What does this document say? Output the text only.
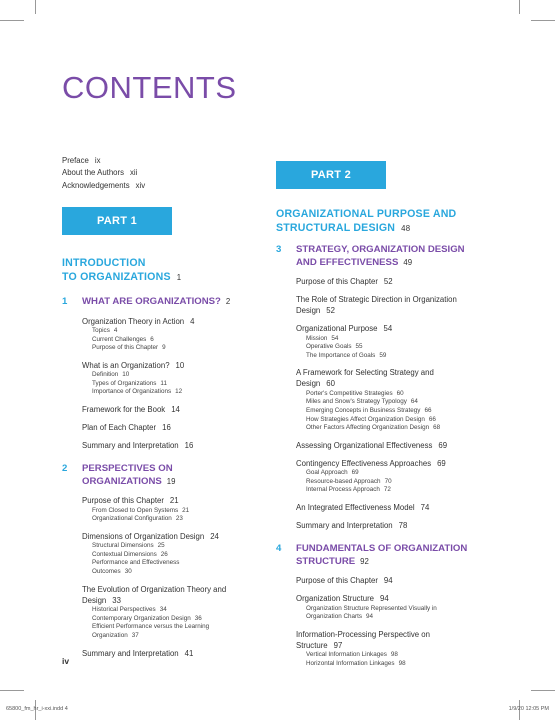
CONTENTS
Preface ix
About the Authors xii
Acknowledgements xiv
PART 1
PART 2
INTRODUCTION
TO ORGANIZATIONS 1
1 WHAT ARE ORGANIZATIONS? 2
Organization Theory in Action 4
Topics 4
Current Challenges 6
Purpose of this Chapter 9
What is an Organization? 10
Definition 10
Types of Organizations 11
Importance of Organizations 12
Framework for the Book 14
Plan of Each Chapter 16
Summary and Interpretation 16
2 PERSPECTIVES ON
ORGANIZATIONS 19
Purpose of this Chapter 21
From Closed to Open Systems 21
Organizational Configuration 23
Dimensions of Organization Design 24
Structural Dimensions 25
Contextual Dimensions 26
Performance and Effectiveness
Outcomes 30
The Evolution of Organization Theory and
Design 33
Historical Perspectives 34
Contemporary Organization Design 36
Efficient Performance versus the Learning
Organization 37
Summary and Interpretation 41
ORGANIZATIONAL PURPOSE AND
STRUCTURAL DESIGN 48
3 STRATEGY, ORGANIZATION DESIGN
AND EFFECTIVENESS 49
Purpose of this Chapter 52
The Role of Strategic Direction in Organization
Design 52
Organizational Purpose 54
Mission 54
Operative Goals 55
The Importance of Goals 59
A Framework for Selecting Strategy and
Design 60
Porter's Competitive Strategies 60
Miles and Snow's Strategy Typology 64
Emerging Concepts in Business Strategy 66
How Strategies Affect Organization Design 66
Other Factors Affecting Organization Design 68
Assessing Organizational Effectiveness 69
Contingency Effectiveness Approaches 69
Goal Approach 69
Resource-based Approach 70
Internal Process Approach 72
An Integrated Effectiveness Model 74
Summary and Interpretation 78
4 FUNDAMENTALS OF ORGANIZATION
STRUCTURE 92
Purpose of this Chapter 94
Organization Structure 94
Organization Structure Represented Visually in
Organization Charts 94
Information-Processing Perspective on
Structure 97
Vertical Information Linkages 98
Horizontal Information Linkages 98
iv
65800_fm_hr_i-xxi.indd 4	1/9/20 12:05 PM
